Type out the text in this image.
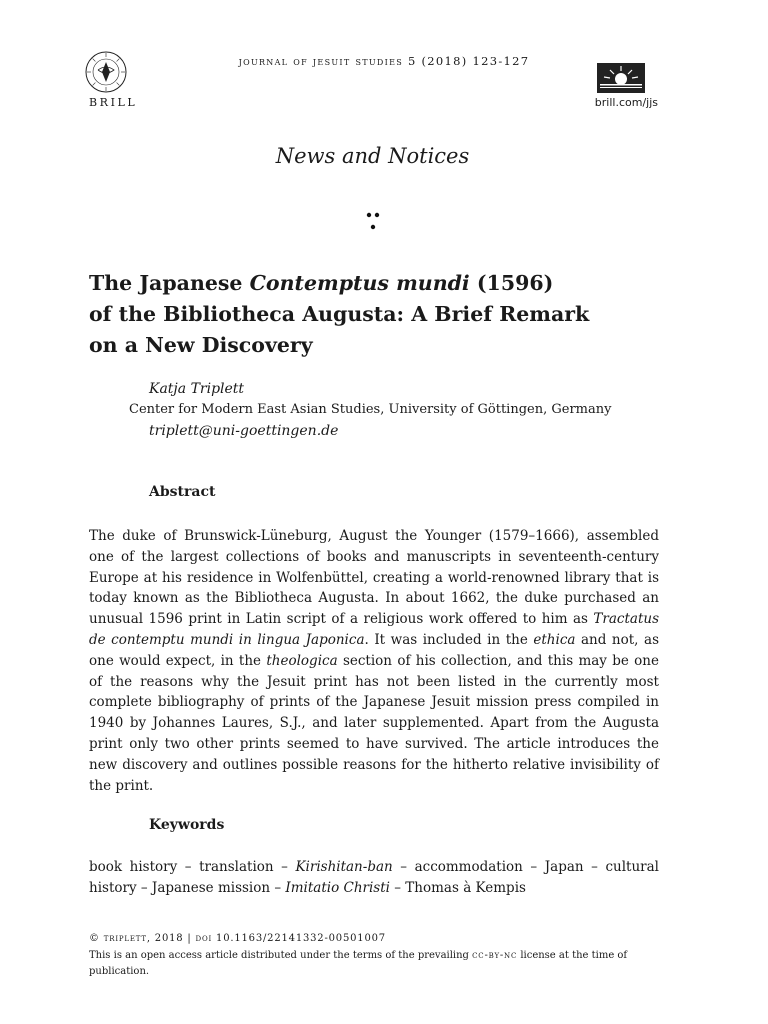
BRILL
journal of jesuit studies 5 (2018) 123-127
brill.com/jjs
News and Notices
The Japanese Contemptus mundi (1596)
of the Bibliotheca Augusta: A Brief Remark
on a New Discovery
Katja Triplett
Center for Modern East Asian Studies, University of Göttingen, Germany
triplett@uni-goettingen.de
Abstract
The duke of Brunswick-Lüneburg, August the Younger (1579–1666), assembled one of the largest collections of books and manuscripts in seventeenth-century Europe at his residence in Wolfenbüttel, creating a world-renowned library that is today known as the Bibliotheca Augusta. In about 1662, the duke purchased an unusual 1596 print in Latin script of a religious work offered to him as Tractatus de contemptu mundi in lingua Japonica. It was included in the ethica and not, as one would expect, in the theologica section of his collection, and this may be one of the reasons why the Jesuit print has not been listed in the currently most complete bibliography of prints of the Japanese Jesuit mission press compiled in 1940 by Johannes Laures, S.J., and later supplemented. Apart from the Augusta print only two other prints seemed to have survived. The article introduces the new discovery and outlines possible reasons for the hitherto relative invisibility of the print.
Keywords
book history – translation – Kirishitan-ban – accommodation – Japan – cultural history – Japanese mission – Imitatio Christi – Thomas à Kempis
© triplett, 2018 | doi 10.1163/22141332-00501007
This is an open access article distributed under the terms of the prevailing cc-by-nc license at the time of publication.
